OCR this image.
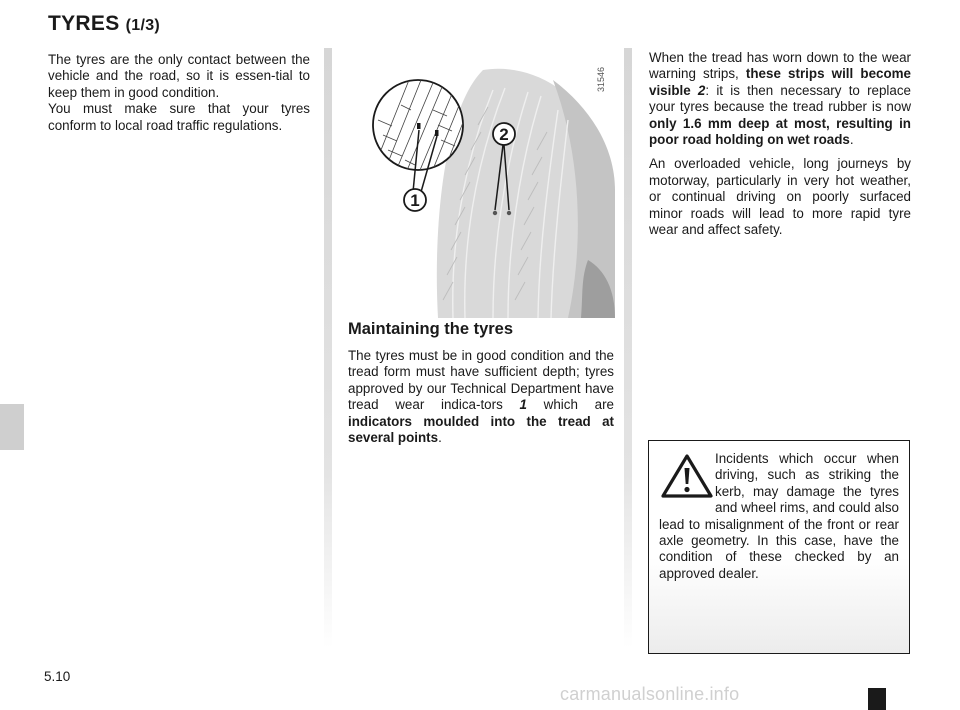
TYRES (1/3)

The tyres are the only contact between the vehicle and the road, so it is essen-tial to keep them in good condition.

You must make sure that your tyres conform to local road traffic regulations.	2
1
31546
Maintaining the tyres

The tyres must be in good condition and the tread form must have sufficient depth; tyres approved by our Technical Department have tread wear indica-tors 1 which are indicators moulded into the tread at several points.

When the tread has worn down to the wear warning strips, these strips will become visible 2: it is then necessary to replace your tyres because the tread rubber is now only 1.6 mm deep at most, resulting in poor road holding on wet roads.

An overloaded vehicle, long journeys by motorway, particularly in very hot weather, or continual driving on poorly surfaced minor roads will lead to more rapid tyre wear and affect safety.

Incidents which occur when driving, such as striking the kerb, may damage the tyres and wheel rims, and could also lead to misalignment of the front or rear axle geometry. In this case, have the condition of these checked by an approved dealer.
5.10
carmanualsonline.info
